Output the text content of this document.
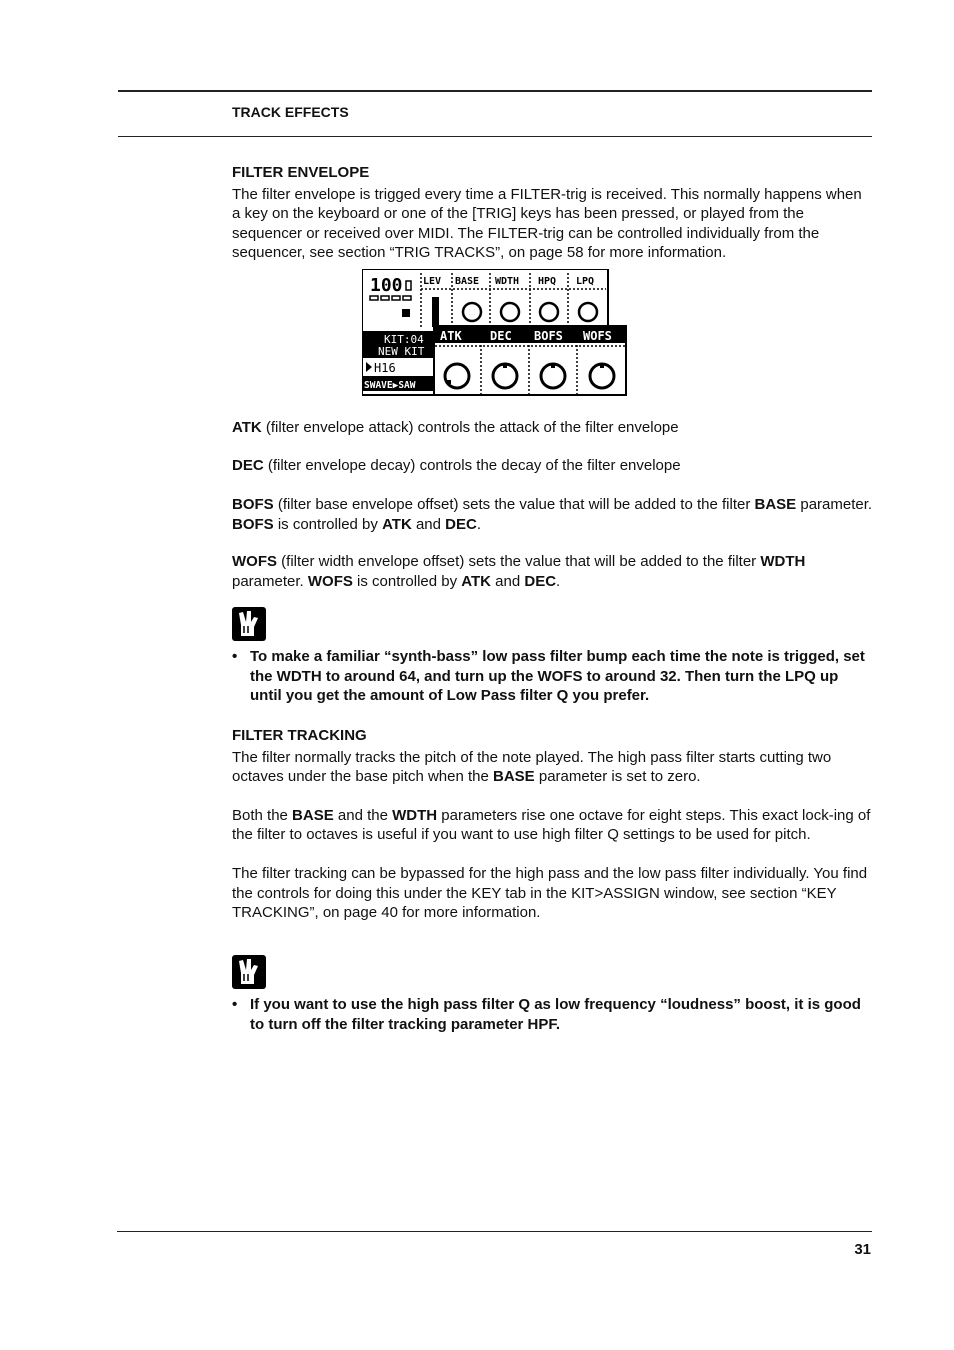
TRACK EFFECTS
FILTER ENVELOPE

The filter envelope is trigged every time a FILTER-trig is received. This normally happens when a key on the keyboard or one of the [TRIG] keys has been pressed, or played from the sequencer or received over MIDI. The FILTER-trig can be controlled individually from the sequencer, see section “TRIG TRACKS”, on page 58 for more information.

100
KIT:04
NEW KIT
H16
SWAVE▶SAW
LEV BASE WDTH HPQ LPQ
ATK DEC BOFS WOFS

ATK (filter envelope attack) controls the attack of the filter envelope

DEC (filter envelope decay) controls the decay of the filter envelope

BOFS (filter base envelope offset) sets the value that will be added to the filter BASE parameter. BOFS is controlled by ATK and DEC.

WOFS (filter width envelope offset) sets the value that will be added to the filter WDTH parameter. WOFS is controlled by ATK and DEC.

• To make a familiar “synth-bass” low pass filter bump each time the note is trigged, set the WDTH to around 64, and turn up the WOFS to around 32. Then turn the LPQ up until you get the amount of Low Pass filter Q you prefer.
FILTER TRACKING

The filter normally tracks the pitch of the note played. The high pass filter starts cutting two octaves under the base pitch when the BASE parameter is set to zero.

Both the BASE and the WDTH parameters rise one octave for eight steps. This exact lock-ing of the filter to octaves is useful if you want to use high filter Q settings to be used for pitch.

The filter tracking can be bypassed for the high pass and the low pass filter individually. You find the controls for doing this under the KEY tab in the KIT>ASSIGN window, see section “KEY TRACKING”, on page 40 for more information.

• If you want to use the high pass filter Q as low frequency “loudness” boost, it is good to turn off the filter tracking parameter HPF.
31
